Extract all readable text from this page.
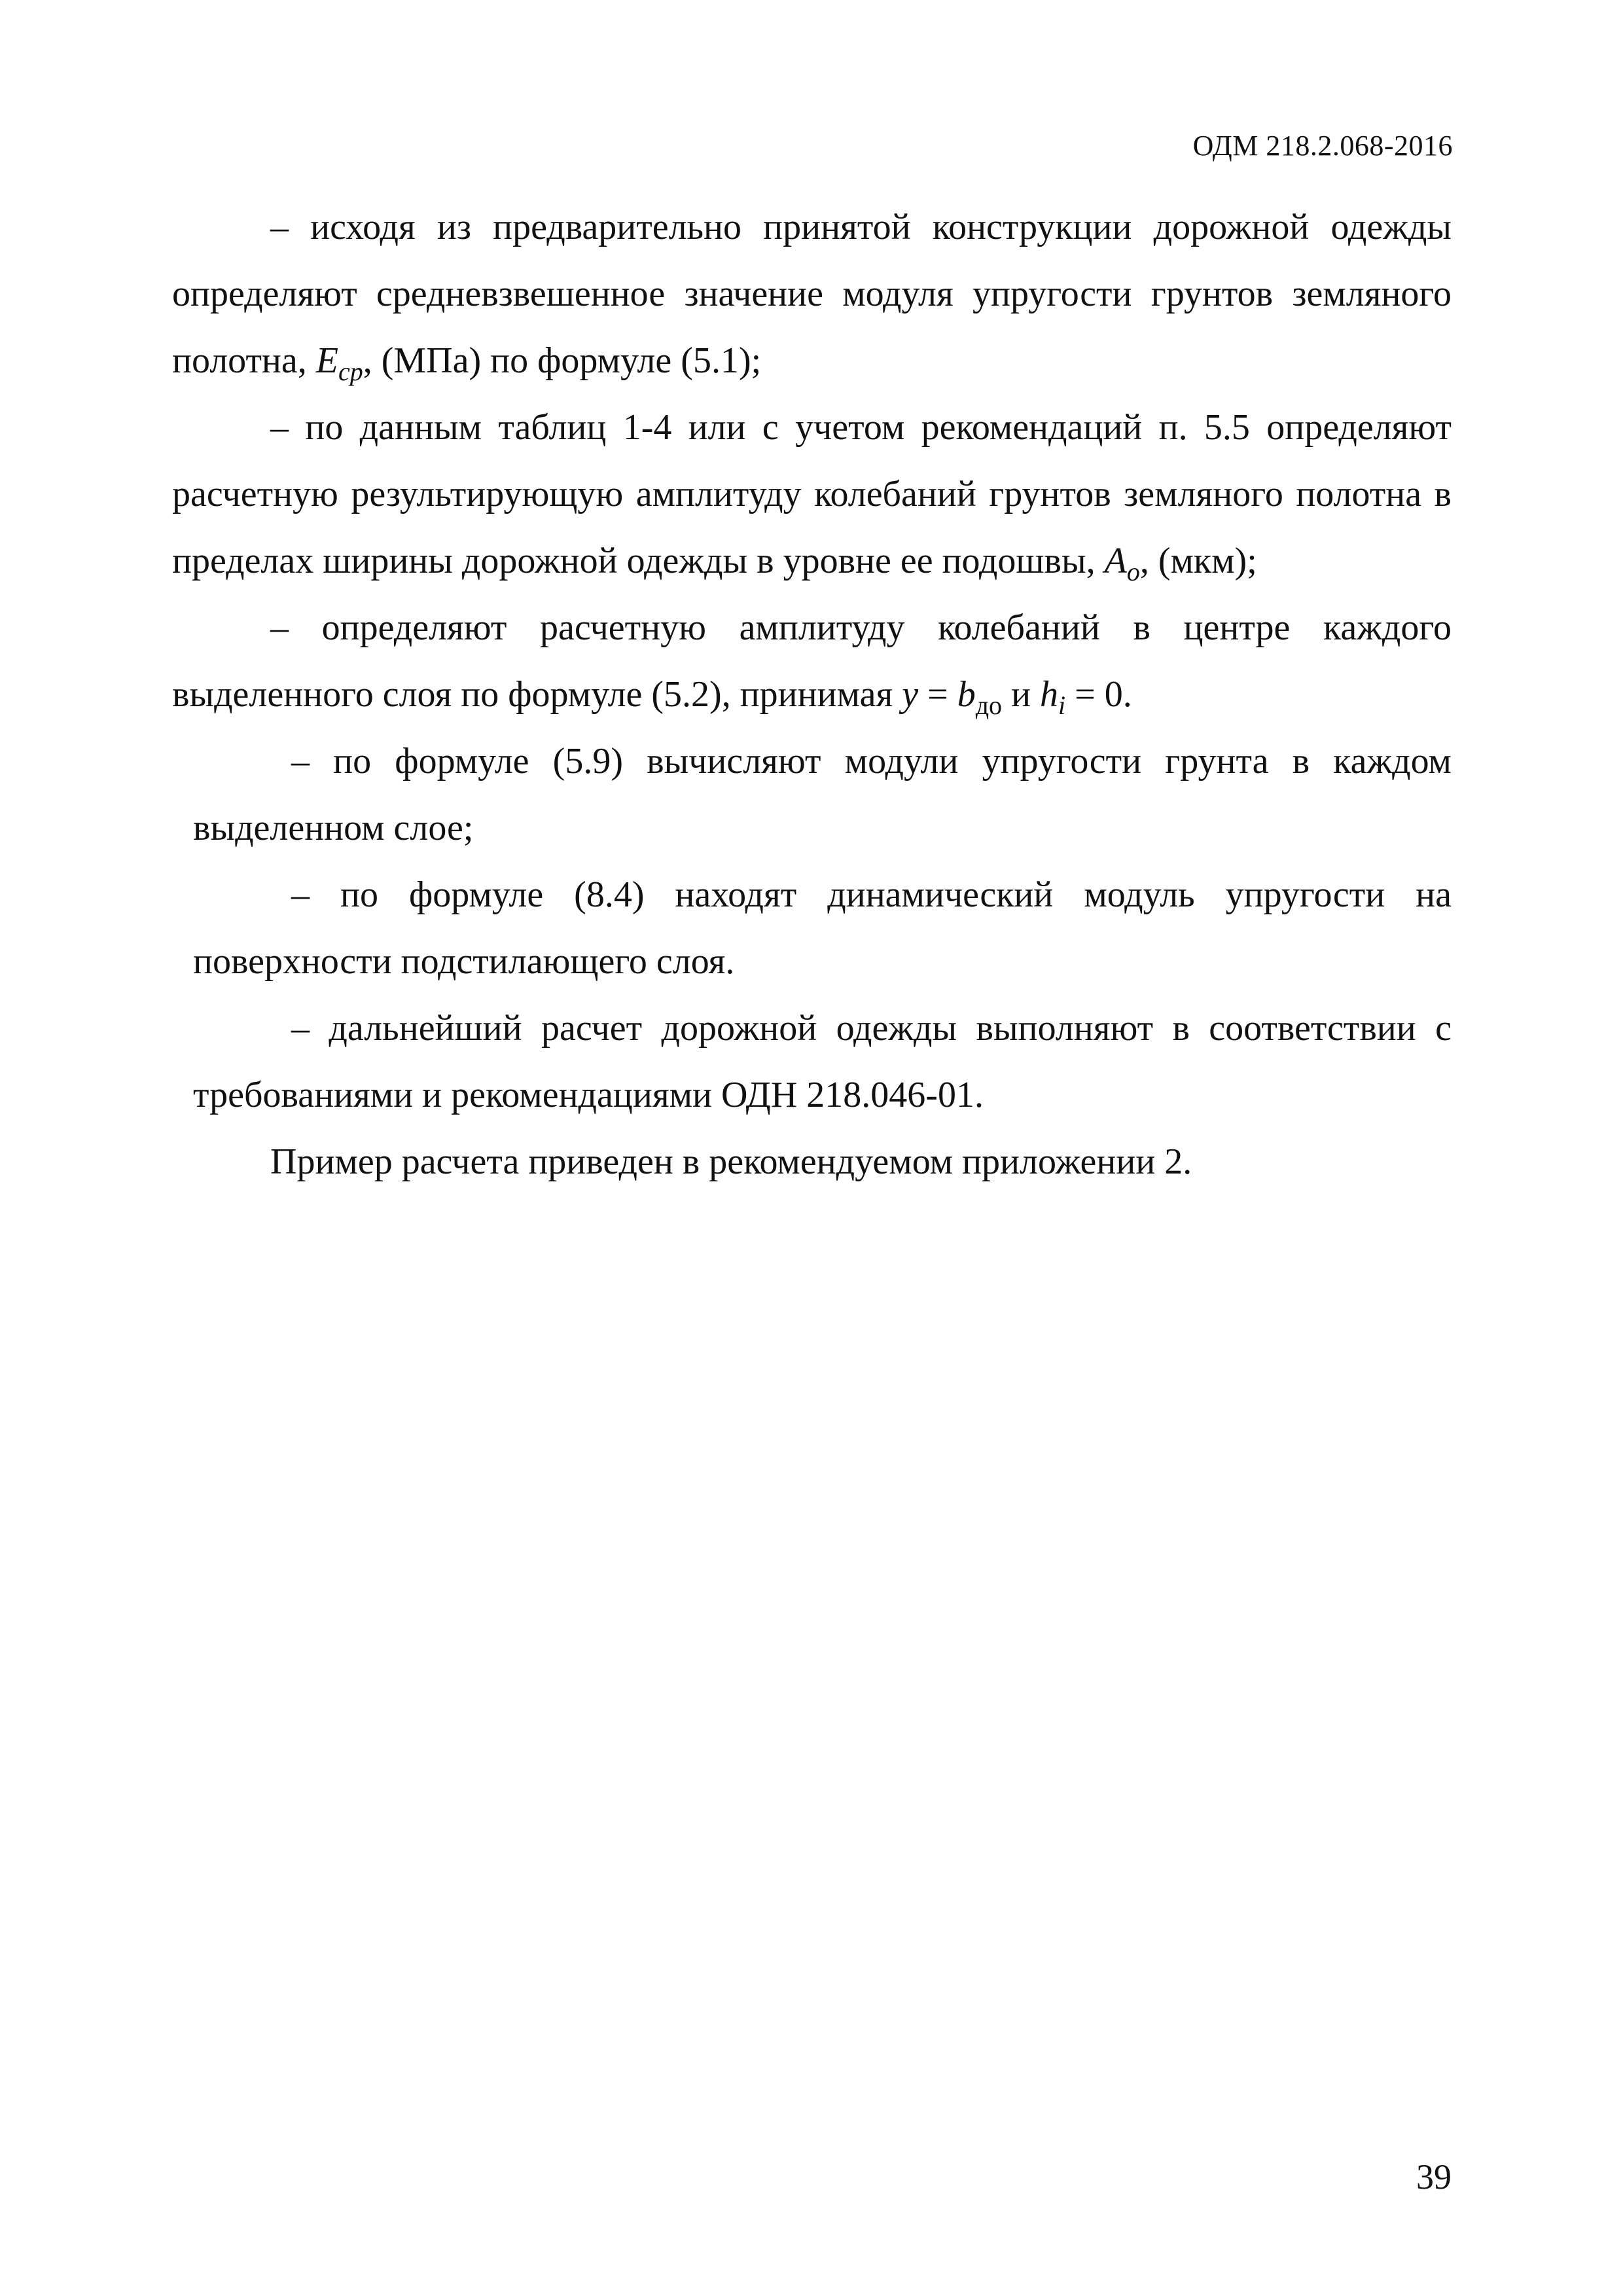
ОДМ 218.2.068-2016

– исходя из предварительно принятой конструкции дорожной одежды определяют средневзвешенное значение модуля упругости грунтов земляного полотна, $E_{cp}$, (МПа) по формуле (5.1);

– по данным таблиц 1-4 или с учетом рекомендаций п. 5.5 определяют расчетную результирующую амплитуду колебаний грунтов земляного полотна в пределах ширины дорожной одежды в уровне ее подошвы, $A_o$, (мкм);

– определяют расчетную амплитуду колебаний в центре каждого выделенного слоя по формуле (5.2), принимая $y = b_{до}$ и $h_i = 0$.

– по формуле (5.9) вычисляют модули упругости грунта в каждом выделенном слое;

– по формуле (8.4) находят динамический модуль упругости на поверхности подстилающего слоя.

– дальнейший расчет дорожной одежды выполняют в соответствии с требованиями и рекомендациями ОДН 218.046-01.

Пример расчета приведен в рекомендуемом приложении 2.

39
